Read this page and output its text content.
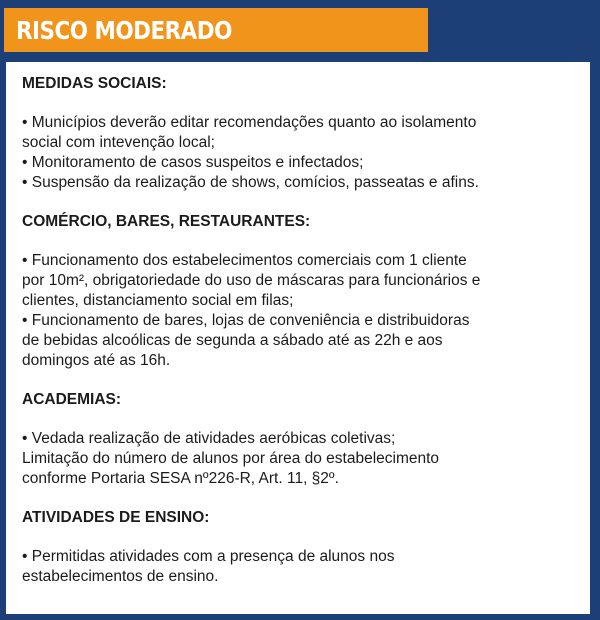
RISCO MODERADO
MEDIDAS SOCIAIS:
• Municípios deverão editar recomendações quanto ao isolamento
social com intevenção local;
• Monitoramento de casos suspeitos e infectados;
• Suspensão da realização de shows, comícios, passeatas e afins.
COMÉRCIO, BARES, RESTAURANTES:
• Funcionamento dos estabelecimentos comerciais com 1 cliente
por 10m², obrigatoriedade do uso de máscaras para funcionários e
clientes, distanciamento social em filas;
• Funcionamento de bares, lojas de conveniência e distribuidoras
de bebidas alcoólicas de segunda a sábado até as 22h e aos
domingos até as 16h.
ACADEMIAS:
• Vedada realização de atividades aeróbicas coletivas;
Limitação do número de alunos por área do estabelecimento
conforme Portaria SESA nº226-R, Art. 11, §2º.
ATIVIDADES DE ENSINO:
• Permitidas atividades com a presença de alunos nos
estabelecimentos de ensino.
